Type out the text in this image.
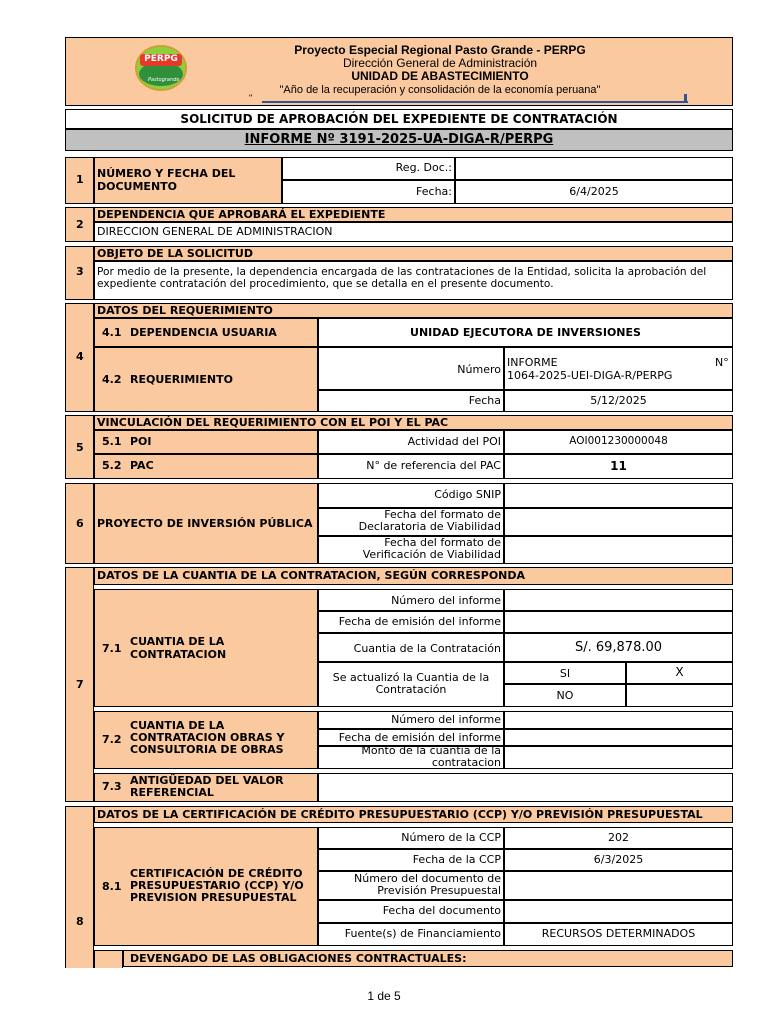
PERPG
Pastogrande
Proyecto Especial Regional Pasto Grande - PERPG
Dirección General de Administración
UNIDAD DE ABASTECIMIENTO
"Año de la recuperación y consolidación de la economía peruana"
"
SOLICITUD DE APROBACIÓN DEL EXPEDIENTE DE CONTRATACIÓN
INFORME Nº 3191-2025-UA-DIGA-R/PERPG
1 NÚMERO Y FECHA DEL DOCUMENTO
Reg. Doc.:
Fecha:	6/4/2025
2
DEPENDENCIA QUE APROBARÁ EL EXPEDIENTE
DIRECCION GENERAL DE ADMINISTRACION
3
OBJETO DE LA SOLICITUD
Por medio de la presente, la dependencia encargada de las contrataciones de la Entidad, solicita la aprobación del expediente contratación del procedimiento, que se detalla en el presente documento.
4
DATOS DEL REQUERIMIENTO
4.1 DEPENDENCIA USUARIA	UNIDAD EJECUTORA DE INVERSIONES
4.2 REQUERIMIENTO
Número
INFORME	N°
1064-2025-UEI-DIGA-R/PERPG
Fecha	5/12/2025
5
VINCULACIÓN DEL REQUERIMIENTO CON EL POI Y EL PAC
5.1 POI	Actividad del POI	AOI001230000048
5.2 PAC	N° de referencia del PAC	11
6 PROYECTO DE INVERSIÓN PÚBLICA
Código SNIP
Fecha del formato de
Declaratoria de Viabilidad
Fecha del formato de
Verificación de Viabilidad
7
DATOS DE LA CUANTIA DE LA CONTRATACION, SEGÚN CORRESPONDA
7.1
CUANTIA DE LA
CONTRATACION
Número del informe
Fecha de emisión del informe
Cuantia de la Contratación	S/. 69,878.00
Se actualizó la Cuantia de la
Contratación
SI	X
NO
7.2
CUANTIA DE LA
CONTRATACION OBRAS Y
CONSULTORIA DE OBRAS
Número del informe
Fecha de emisión del informe
Monto de la cuantia de la
contratacion
7.3 ANTIGÜEDAD DEL VALOR
REFERENCIAL
8
DATOS DE LA CERTIFICACIÓN DE CRÉDITO PRESUPUESTARIO (CCP) Y/O PREVISIÓN PRESUPUESTAL
8.1
CERTIFICACIÓN DE CRÉDITO
PRESUPUESTARIO (CCP) Y/O
PREVISION PRESUPUESTAL
Número de la CCP	202
Fecha de la CCP	6/3/2025
Número del documento de
Previsión Presupuestal
Fecha del documento
Fuente(s) de Financiamiento	RECURSOS DETERMINADOS
DEVENGADO DE LAS OBLIGACIONES CONTRACTUALES:
1 de 5
